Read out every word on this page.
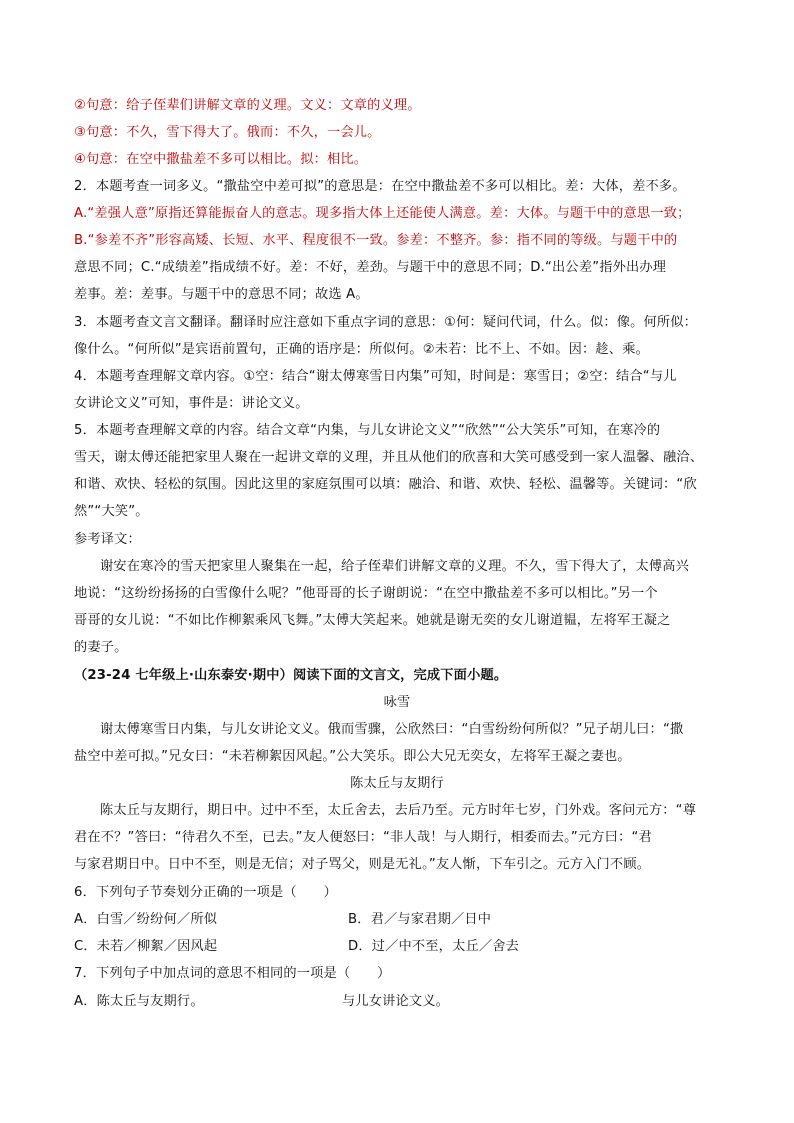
②句意：给子侄辈们讲解文章的义理。文义：文章的义理。
③句意：不久，雪下得大了。俄而：不久，一会儿。
④句意：在空中撒盐差不多可以相比。拟：相比。
2．本题考查一词多义。“撒盐空中差可拟”的意思是：在空中撒盐差不多可以相比。差：大体，差不多。
A.“差强人意”原指还算能振奋人的意志。现多指大体上还能使人满意。差：大体。与题干中的意思一致；
B.“参差不齐”形容高矮、长短、水平、程度很不一致。参差：不整齐。参：指不同的等级。与题干中的
意思不同；C.“成绩差”指成绩不好。差：不好，差劲。与题干中的意思不同；D.“出公差”指外出办理
差事。差：差事。与题干中的意思不同；故选 A。
3．本题考查文言文翻译。翻译时应注意如下重点字词的意思：①何：疑问代词，什么。似：像。何所似：
像什么。“何所似”是宾语前置句，正确的语序是：所似何。②未若：比不上、不如。因：趁、乘。
4．本题考查理解文章内容。①空：结合“谢太傅寒雪日内集”可知，时间是：寒雪日；②空：结合“与儿
女讲论文义”可知，事件是：讲论文义。
5．本题考查理解文章的内容。结合文章“内集，与儿女讲论文义”“欣然”“公大笑乐”可知，在寒冷的
雪天，谢太傅还能把家里人聚在一起讲文章的义理，并且从他们的欣喜和大笑可感受到一家人温馨、融洽、
和谐、欢快、轻松的氛围。因此这里的家庭氛围可以填：融洽、和谐、欢快、轻松、温馨等。关键词：“欣
然”“大笑”。
参考译文：
谢安在寒冷的雪天把家里人聚集在一起，给子侄辈们讲解文章的义理。不久，雪下得大了，太傅高兴
地说：“这纷纷扬扬的白雪像什么呢？”他哥哥的长子谢朗说：“在空中撒盐差不多可以相比。”另一个
哥哥的女儿说：“不如比作柳絮乘风飞舞。”太傅大笑起来。她就是谢无奕的女儿谢道韫，左将军王凝之
的妻子。
（23-24 七年级上·山东泰安·期中）阅读下面的文言文，完成下面小题。
咏雪
谢太傅寒雪日内集，与儿女讲论文义。俄而雪骤，公欣然曰：“白雪纷纷何所似？”兄子胡儿曰：“撒
盐空中差可拟。”兄女曰：“未若柳絮因风起。”公大笑乐。即公大兄无奕女，左将军王凝之妻也。
陈太丘与友期行
陈太丘与友期行，期日中。过中不至，太丘舍去，去后乃至。元方时年七岁，门外戏。客问元方：“尊
君在不？”答曰：“待君久不至，已去。”友人便怒曰：“非人哉！与人期行，相委而去。”元方曰：“君
与家君期日中。日中不至，则是无信；对子骂父，则是无礼。”友人惭，下车引之。元方入门不顾。
6．下列句子节奏划分正确的一项是（　　）
A．白雪／纷纷何／所似	B．君／与家君期／日中
C．未若／柳絮／因风起	D．过／中不至，太丘／舍去
7．下列句子中加点词的意思不相同的一项是（　　）
A．陈太丘与友期行。	与儿女讲论文义。
